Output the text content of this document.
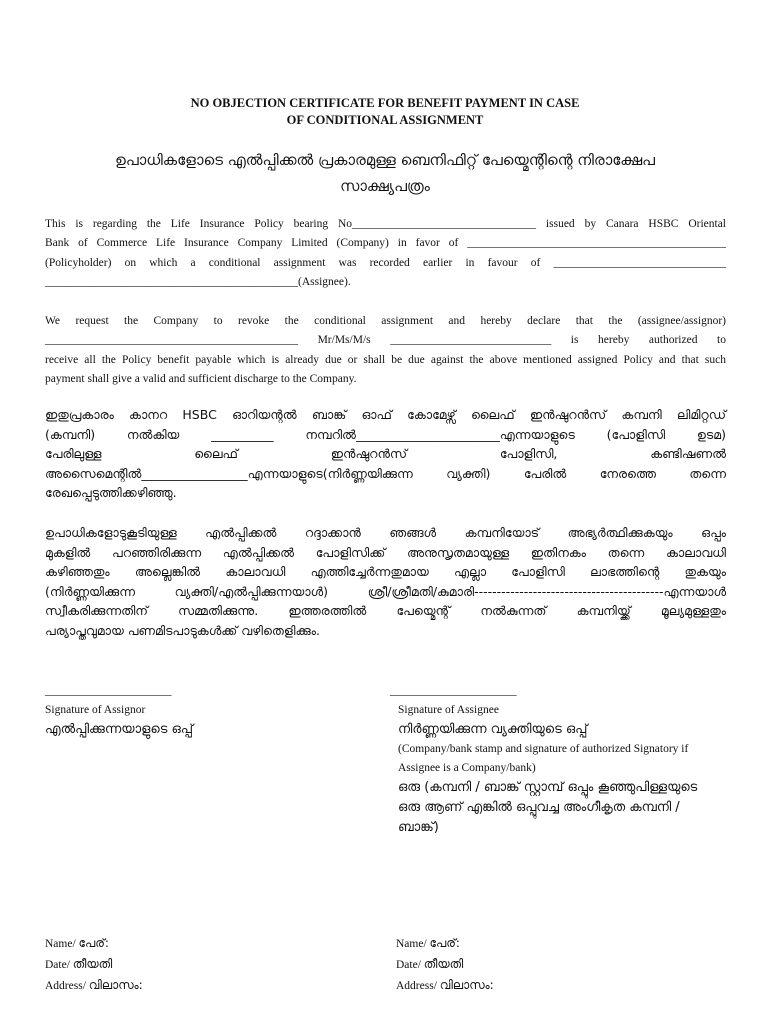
NO OBJECTION CERTIFICATE FOR BENEFIT PAYMENT IN CASE
OF CONDITIONAL ASSIGNMENT
ഉപാധികളോടെ എൽപ്പിക്കൽ പ്രകാരമുള്ള ബെനിഫിറ്റ് പേയ്മെന്റിന്റെ നിരാക്ഷേപ
സാക്ഷ്യപത്രം
This is regarding the Life Insurance Policy bearing No________________________________ issued by Canara HSBC Oriental
Bank of Commerce Life Insurance Company Limited (Company) in favor of _____________________________________________
(Policyholder) on which a conditional assignment was recorded earlier in favour of ______________________________
____________________________________________(Assignee).
We request the Company to revoke the conditional assignment and hereby declare that the (assignee/assignor)
____________________________________________ Mr/Ms/M/s ____________________________ is hereby authorized to
receive all the Policy benefit payable which is already due or shall be due against the above mentioned assigned Policy and that such
payment shall give a valid and sufficient discharge to the Company.
ഇതുപ്രകാരം കാനറ HSBC ഓറിയന്റൽ ബാങ്ക് ഓഫ് കോമേഴ്സ് ലൈഫ് ഇൻഷുറൻസ് കമ്പനി ലിമിറ്റഡ്
(കമ്പനി) നൽകിയ __________ നമ്പറിൽ_______________________എന്നയാളുടെ (പോളിസി ഉടമ)
പേരിലുള്ള ലൈഫ് ഇൻഷുറൻസ് പോളിസി, കണ്ടിഷണൽ
അസൈമെന്റിൽ_________________എന്നയാളുടെ(നിർണ്ണയിക്കുന്ന വ്യക്തി) പേരിൽ നേരത്തെ തന്നെ
രേഖപ്പെടുത്തിക്കഴിഞ്ഞു.
ഉപാധികളോടുകൂടിയുള്ള എൽപ്പിക്കൽ റദ്ദാക്കാൻ ഞങ്ങൾ കമ്പനിയോട് അഭ്യർത്ഥിക്കുകയും ഒപ്പം
മുകളിൽ പറഞ്ഞിരിക്കുന്ന എൽപ്പിക്കൽ പോളിസിക്ക് അനുസൃതമായുള്ള ഇതിനകം തന്നെ കാലാവധി
കഴിഞ്ഞതും അല്ലെങ്കിൽ കാലാവധി എത്തിച്ചേർന്നതുമായ എല്ലാ പോളിസി ലാഭത്തിന്റെ തുകയും
(നിർണ്ണയിക്കുന്ന വ്യക്തി/എൽപ്പിക്കുന്നയാൾ) ശ്രീ/ശ്രീമതി/കുമാരി------------------------------------------എന്നയാൾ
സ്വീകരിക്കുന്നതിന് സമ്മതിക്കുന്നു. ഇത്തരത്തിൽ പേയ്മെന്റ് നൽകുന്നത് കമ്പനിയ്ക്ക് മൂല്യമുള്ളതും
പര്യാപ്തവുമായ പണമിടപാടുകൾക്ക് വഴിതെളിക്കും.
______________________
Signature of Assignor
എൽപ്പിക്കുന്നയാളുടെ ഒപ്പ്
______________________
Signature of Assignee
നിർണ്ണയിക്കുന്ന വ്യക്തിയുടെ ഒപ്പ്
(Company/bank stamp and signature of authorized Signatory if
Assignee is a Company/bank)
ഒരു (കമ്പനി / ബാങ്ക് സ്റ്റാമ്പ് ഒപ്പും കൂഞ്ഞുപിള്ളയുടെ
ഒരു ആണ് എങ്കിൽ ഒപ്പുവച്ച അംഗീകൃത കമ്പനി /
ബാങ്ക്)
Name/ പേര്:
Date/ തീയതി
Address/ വിലാസം:
Name/ പേര്:
Date/ തീയതി
Address/ വിലാസം:
